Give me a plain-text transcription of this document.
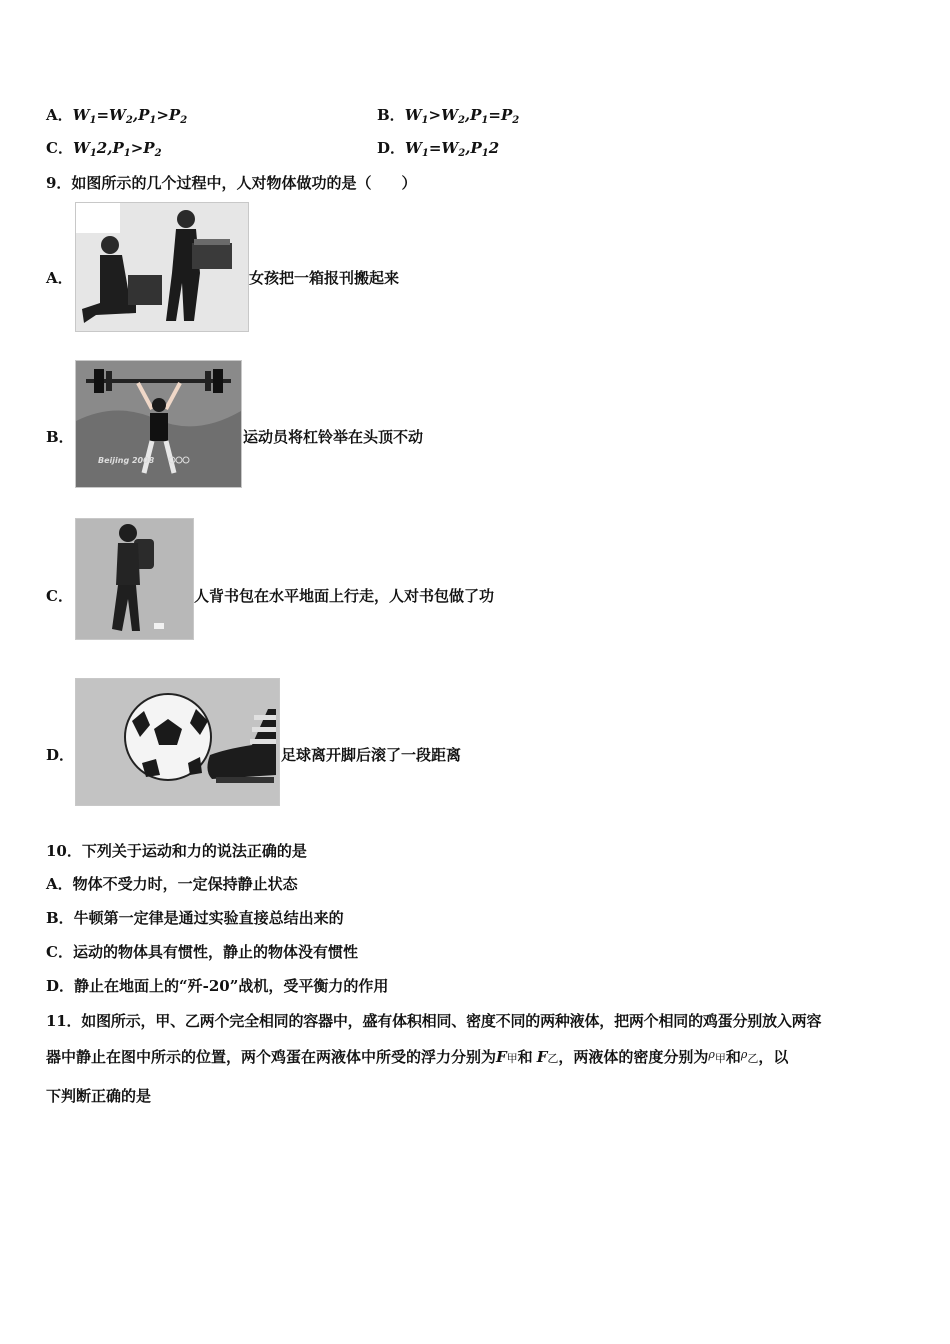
A．$W_1=W_2,P_1>P_2$	B．$W_1>W_2,P_1=P_2$
C．$W_12,P_1>P_2$	D．$W_1=W_2,P_12$
9．如图所示的几个过程中，人对物体做功的是（　　）
A．	女孩把一箱报刊搬起来
B．
Beijing 2008
运动员将杠铃举在头顶不动
C．	人背书包在水平地面上行走，人对书包做了功
D．	足球离开脚后滚了一段距离
10．下列关于运动和力的说法正确的是
A．物体不受力时，一定保持静止状态
B．牛顿第一定律是通过实验直接总结出来的
C．运动的物体具有惯性，静止的物体没有惯性
D．静止在地面上的“歼-20”战机，受平衡力的作用
11．如图所示，甲、乙两个完全相同的容器中，盛有体积相同、密度不同的两种液体，把两个相同的鸡蛋分别放入两容
器中静止在图中所示的位置，两个鸡蛋在两液体中所受的浮力分别为F甲和 F乙，两液体的密度分别为$^\rho$甲和$^\rho$乙，以
下判断正确的是
